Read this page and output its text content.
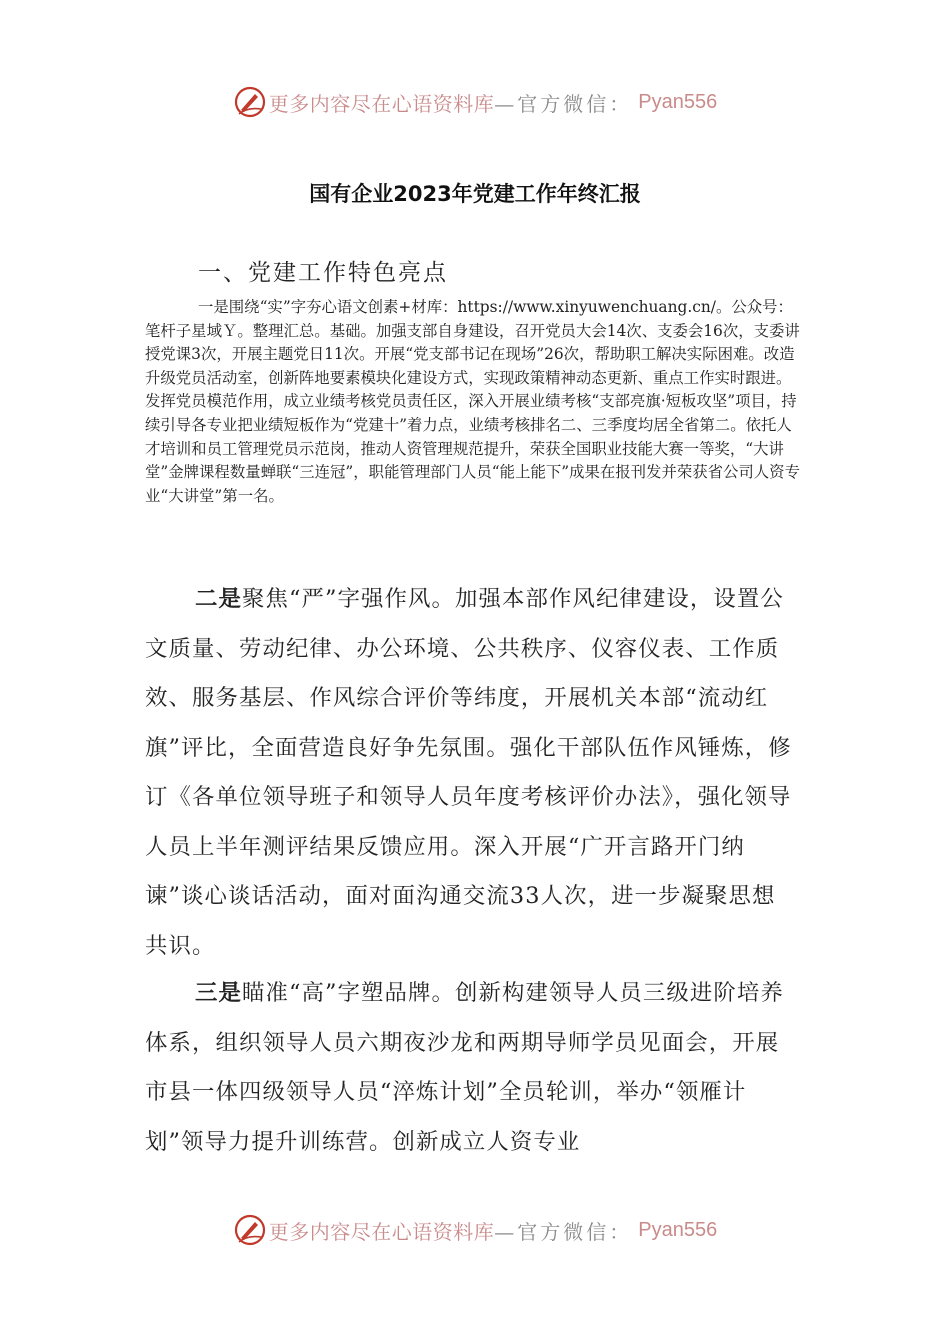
更多内容尽在心语资料库 —官方微信： Pyan556
国有企业2023年党建工作年终汇报
一、党建工作特色亮点
一是围绕“实”字夯心语文创素+材库：https://www.xinyuwenchuang.cn/。公众号：笔杆子星域Ｙ。整理汇总。基础。加强支部自身建设，召开党员大会14次、支委会16次，支委讲授党课3次，开展主题党日11次。开展“党支部书记在现场”26次，帮助职工解决实际困难。改造升级党员活动室，创新阵地要素模块化建设方式，实现政策精神动态更新、重点工作实时跟进。发挥党员模范作用，成立业绩考核党员责任区，深入开展业绩考核“支部亮旗·短板攻坚”项目，持续引导各专业把业绩短板作为“党建十”着力点，业绩考核排名二、三季度均居全省第二。依托人才培训和员工管理党员示范岗，推动人资管理规范提升，荣获全国职业技能大赛一等奖，“大讲堂”金牌课程数量蝉联“三连冠”，职能管理部门人员“能上能下”成果在报刊发并荣获省公司人资专业“大讲堂”第一名。
二是聚焦“严”字强作风。加强本部作风纪律建设，设置公文质量、劳动纪律、办公环境、公共秩序、仪容仪表、工作质效、服务基层、作风综合评价等纬度，开展机关本部“流动红旗”评比，全面营造良好争先氛围。强化干部队伍作风锤炼，修订《各单位领导班子和领导人员年度考核评价办法》，强化领导人员上半年测评结果反馈应用。深入开展“广开言路开门纳谏”谈心谈话活动，面对面沟通交流33人次，进一步凝聚思想共识。
三是瞄准“高”字塑品牌。创新构建领导人员三级进阶培养体系，组织领导人员六期夜沙龙和两期导师学员见面会，开展市县一体四级领导人员“淬炼计划”全员轮训，举办“领雁计划”领导力提升训练营。创新成立人资专业
更多内容尽在心语资料库 —官方微信： Pyan556
